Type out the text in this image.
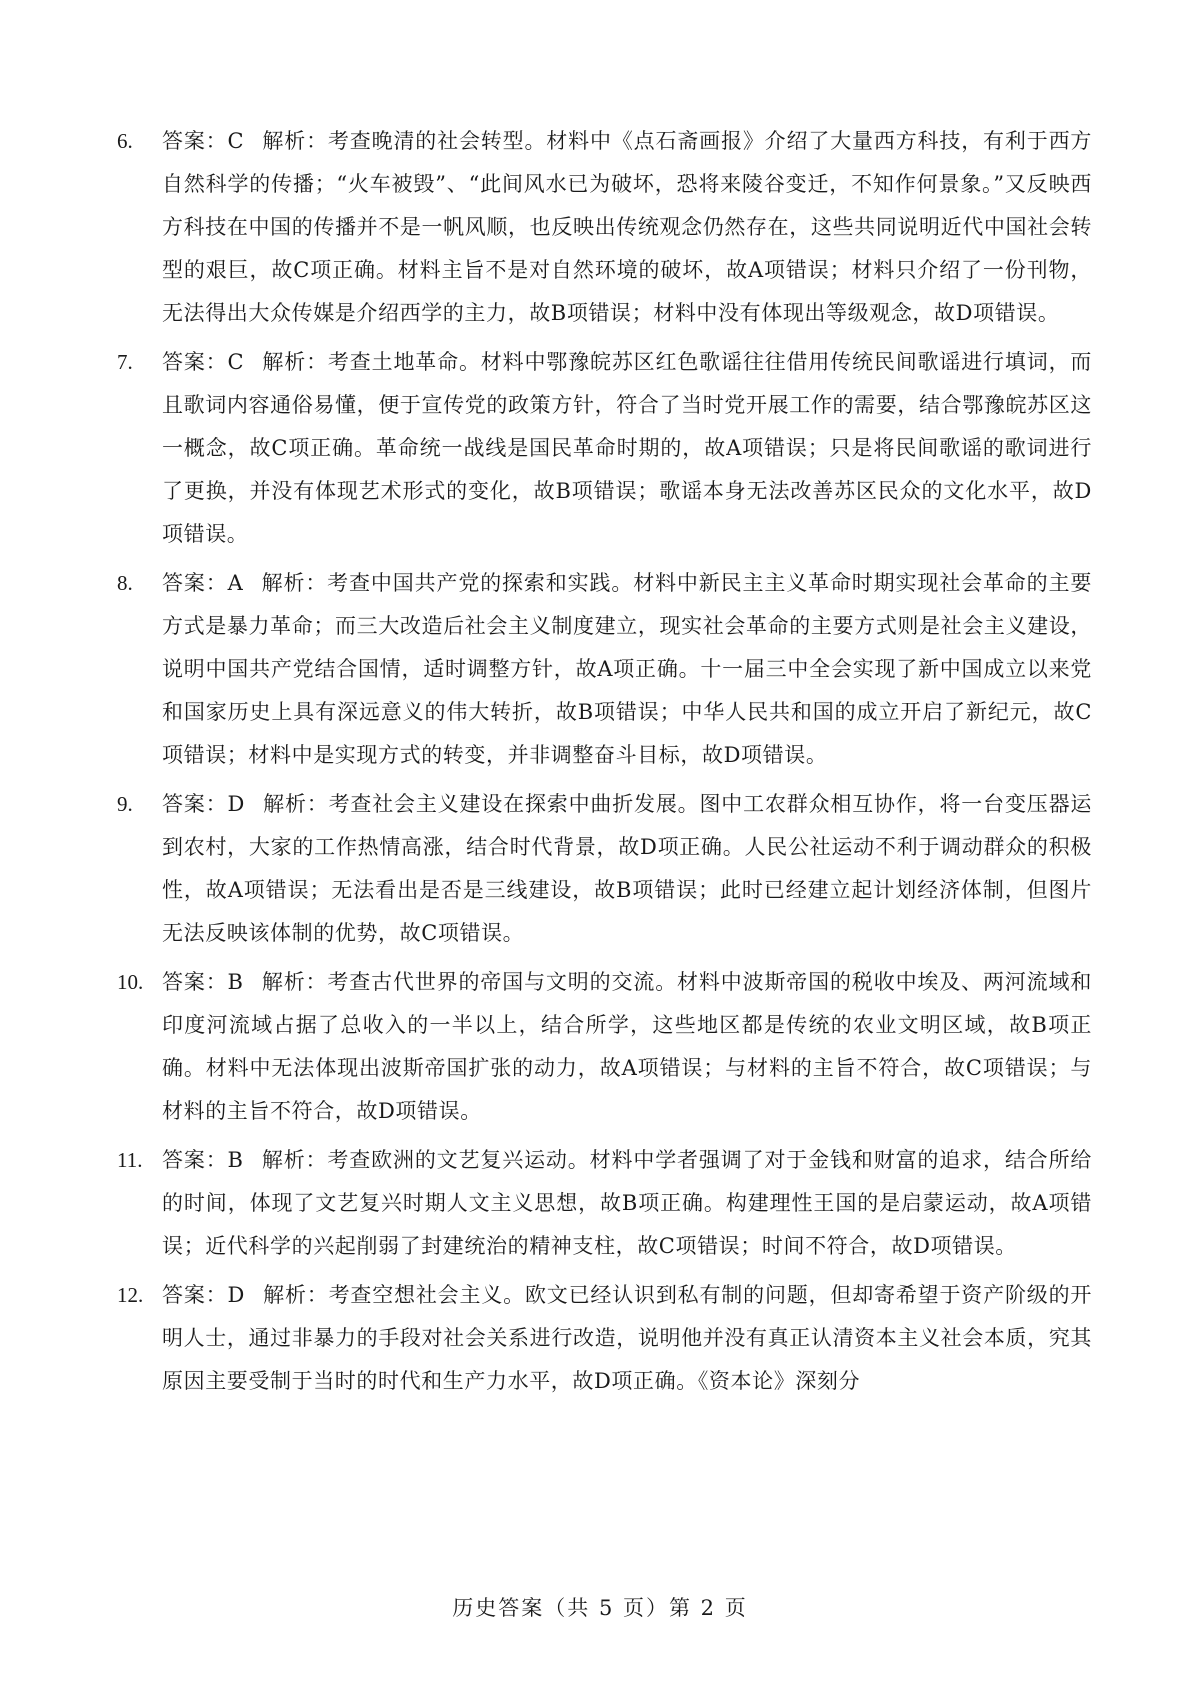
6.	答案：C 解析：考查晚清的社会转型。材料中《点石斋画报》介绍了大量西方科技，有利于西方自然科学的传播；“火车被毁”、“此间风水已为破坏，恐将来陵谷变迁，不知作何景象。”又反映西方科技在中国的传播并不是一帆风顺，也反映出传统观念仍然存在，这些共同说明近代中国社会转型的艰巨，故C项正确。材料主旨不是对自然环境的破坏，故A项错误；材料只介绍了一份刊物，无法得出大众传媒是介绍西学的主力，故B项错误；材料中没有体现出等级观念，故D项错误。
7.	答案：C 解析：考查土地革命。材料中鄂豫皖苏区红色歌谣往往借用传统民间歌谣进行填词，而且歌词内容通俗易懂，便于宣传党的政策方针，符合了当时党开展工作的需要，结合鄂豫皖苏区这一概念，故C项正确。革命统一战线是国民革命时期的，故A项错误；只是将民间歌谣的歌词进行了更换，并没有体现艺术形式的变化，故B项错误；歌谣本身无法改善苏区民众的文化水平，故D项错误。
8.	答案：A 解析：考查中国共产党的探索和实践。材料中新民主主义革命时期实现社会革命的主要方式是暴力革命；而三大改造后社会主义制度建立，现实社会革命的主要方式则是社会主义建设，说明中国共产党结合国情，适时调整方针，故A项正确。十一届三中全会实现了新中国成立以来党和国家历史上具有深远意义的伟大转折，故B项错误；中华人民共和国的成立开启了新纪元，故C项错误；材料中是实现方式的转变，并非调整奋斗目标，故D项错误。
9.	答案：D 解析：考查社会主义建设在探索中曲折发展。图中工农群众相互协作，将一台变压器运到农村，大家的工作热情高涨，结合时代背景，故D项正确。人民公社运动不利于调动群众的积极性，故A项错误；无法看出是否是三线建设，故B项错误；此时已经建立起计划经济体制，但图片无法反映该体制的优势，故C项错误。
10. 答案：B 解析：考查古代世界的帝国与文明的交流。材料中波斯帝国的税收中埃及、两河流域和印度河流域占据了总收入的一半以上，结合所学，这些地区都是传统的农业文明区域，故B项正确。材料中无法体现出波斯帝国扩张的动力，故A项错误；与材料的主旨不符合，故C项错误；与材料的主旨不符合，故D项错误。
11. 答案：B 解析：考查欧洲的文艺复兴运动。材料中学者强调了对于金钱和财富的追求，结合所给的时间，体现了文艺复兴时期人文主义思想，故B项正确。构建理性王国的是启蒙运动，故A项错误；近代科学的兴起削弱了封建统治的精神支柱，故C项错误；时间不符合，故D项错误。
12. 答案：D 解析：考查空想社会主义。欧文已经认识到私有制的问题，但却寄希望于资产阶级的开明人士，通过非暴力的手段对社会关系进行改造，说明他并没有真正认清资本主义社会本质，究其原因主要受制于当时的时代和生产力水平，故D项正确。《资本论》深刻分
历史答案（共 5 页）第 2 页
